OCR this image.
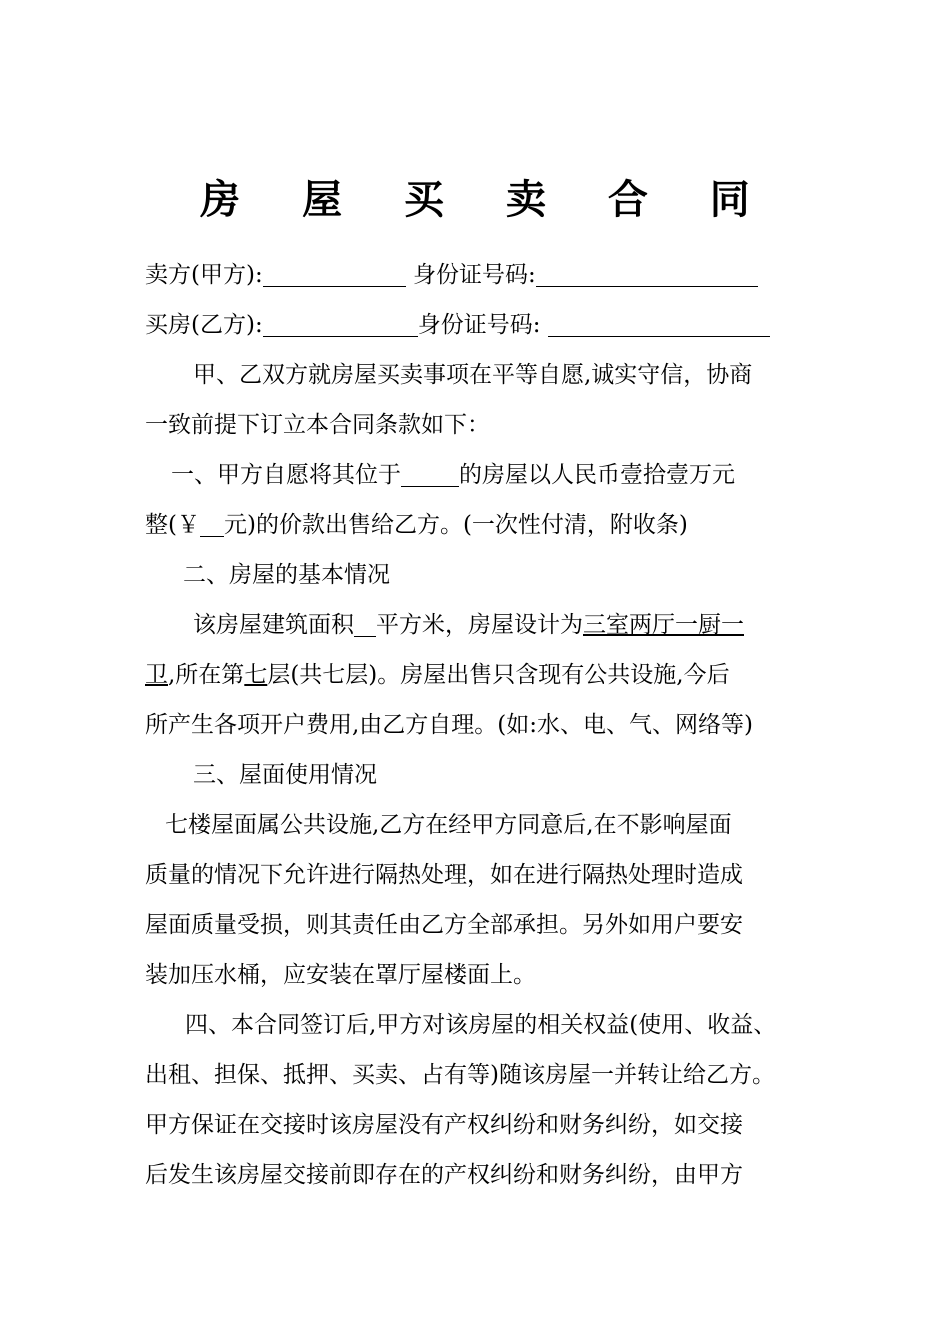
房 屋 买 卖 合 同
卖方(甲方):	身份证号码:
买房(乙方):	身份证号码:
甲、乙双方就房屋买卖事项在平等自愿,诚实守信，协商
一致前提下订立本合同条款如下：
一、甲方自愿将其位于	的房屋以人民币壹拾壹万元
整(￥ 元)的价款出售给乙方。(一次性付清，附收条)
二、房屋的基本情况
该房屋建筑面积 平方米，房屋设计为三室两厅一厨一
卫,所在第七层(共七层)。房屋出售只含现有公共设施,今后
所产生各项开户费用,由乙方自理。(如:水、电、气、网络等)
三、屋面使用情况
七楼屋面属公共设施,乙方在经甲方同意后,在不影响屋面
质量的情况下允许进行隔热处理，如在进行隔热处理时造成
屋面质量受损，则其责任由乙方全部承担。另外如用户要安
装加压水桶，应安装在罩厅屋楼面上。
四、本合同签订后,甲方对该房屋的相关权益(使用、收益、
出租、担保、抵押、买卖、占有等)随该房屋一并转让给乙方。
甲方保证在交接时该房屋没有产权纠纷和财务纠纷，如交接
后发生该房屋交接前即存在的产权纠纷和财务纠纷，由甲方
